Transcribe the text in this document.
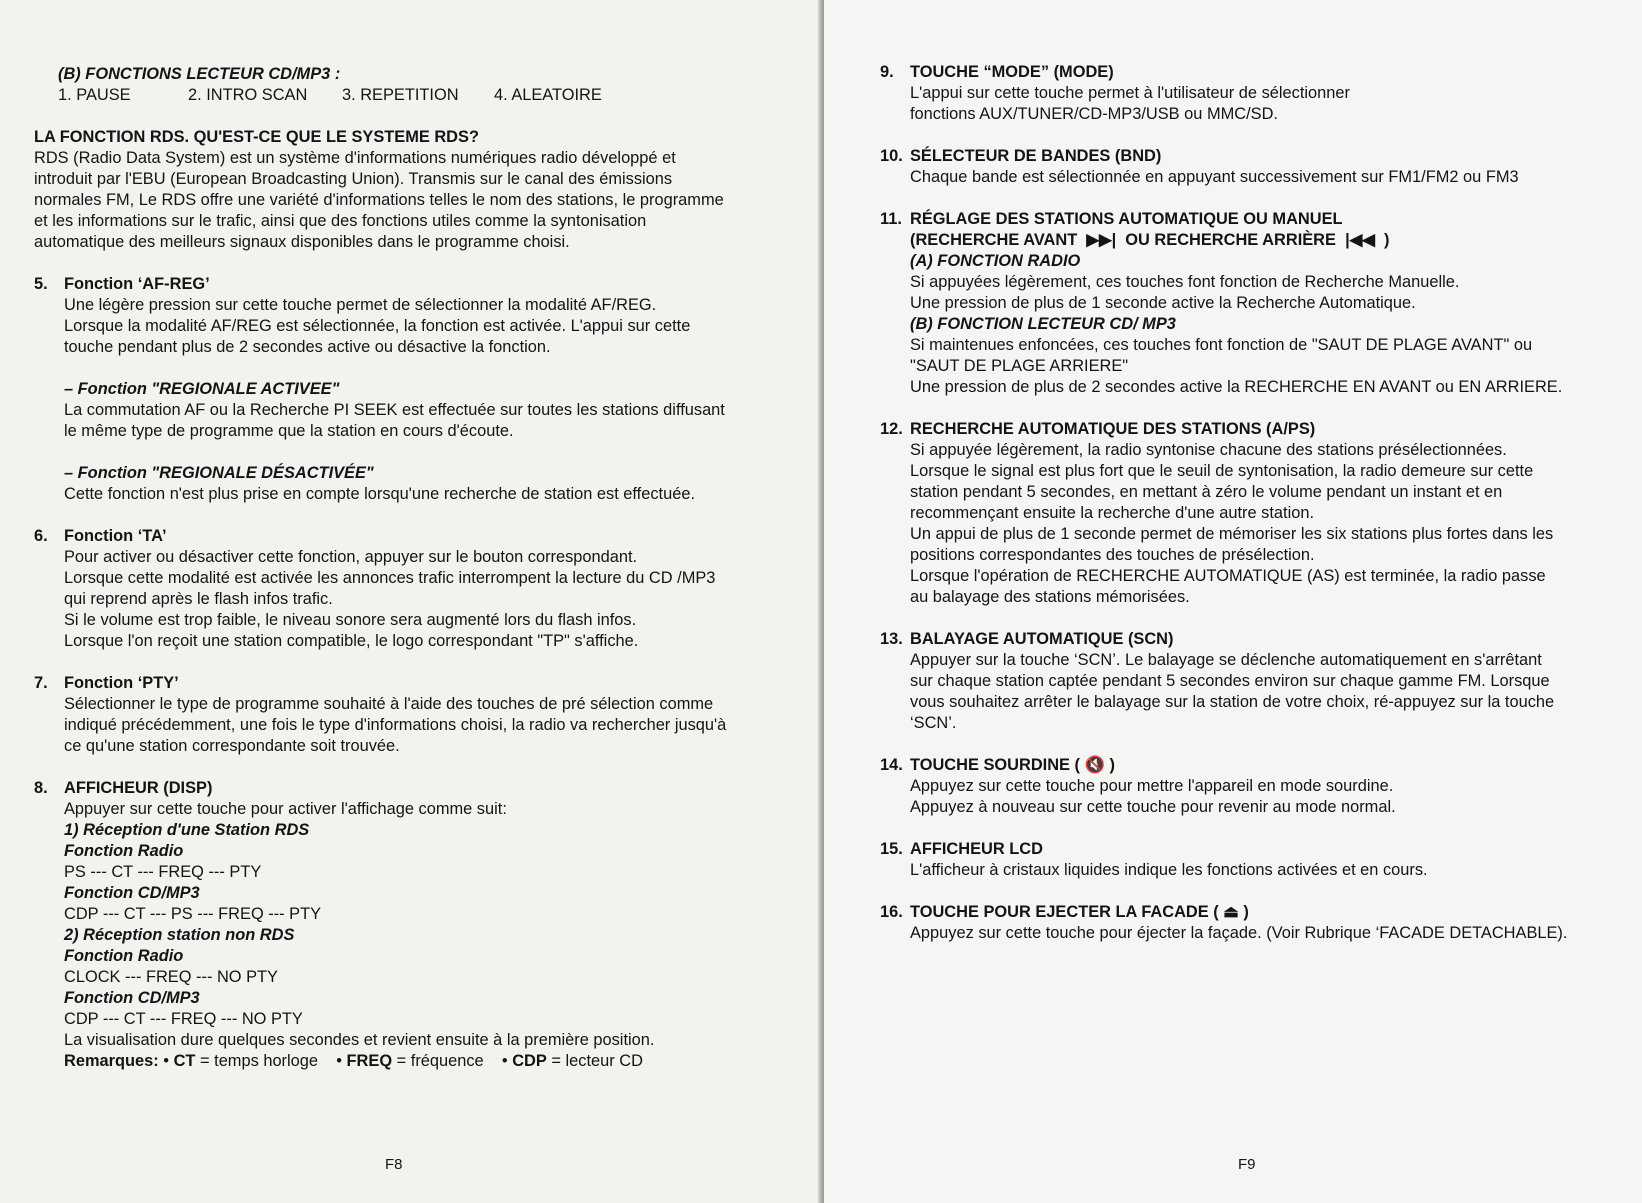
(B) FONCTIONS LECTEUR CD/MP3 :

1. PAUSE	2. INTRO SCAN 3. REPETITION 4. ALEATOIRE

LA FONCTION RDS. QU'EST-CE QUE LE SYSTEME RDS?

RDS (Radio Data System) est un système d'informations numériques radio développé et

introduit par l'EBU (European Broadcasting Union). Transmis sur le canal des émissions

normales FM, Le RDS offre une variété d'informations telles le nom des stations, le programme

et les informations sur le trafic, ainsi que des fonctions utiles comme la syntonisation

automatique des meilleurs signaux disponibles dans le programme choisi.

5. Fonction ‘AF-REG’

Une légère pression sur cette touche permet de sélectionner la modalité AF/REG.

Lorsque la modalité AF/REG est sélectionnée, la fonction est activée. L'appui sur cette

touche pendant plus de 2 secondes active ou désactive la fonction.

– Fonction "REGIONALE ACTIVEE"

La commutation AF ou la Recherche PI SEEK est effectuée sur toutes les stations diffusant

le même type de programme que la station en cours d'écoute.

– Fonction "REGIONALE DÉSACTIVÉE"

Cette fonction n'est plus prise en compte lorsqu'une recherche de station est effectuée.

6. Fonction ‘TA’

Pour activer ou désactiver cette fonction, appuyer sur le bouton correspondant.

Lorsque cette modalité est activée les annonces trafic interrompent la lecture du CD /MP3

qui reprend après le flash infos trafic.

Si le volume est trop faible, le niveau sonore sera augmenté lors du flash infos.

Lorsque l'on reçoit une station compatible, le logo correspondant "TP" s'affiche.

7. Fonction ‘PTY’

Sélectionner le type de programme souhaité à l'aide des touches de pré sélection comme

indiqué précédemment, une fois le type d'informations choisi, la radio va rechercher jusqu'à

ce qu'une station correspondante soit trouvée.

8. AFFICHEUR (DISP)

Appuyer sur cette touche pour activer l'affichage comme suit:

1) Réception d'une Station RDS

Fonction Radio

PS --- CT --- FREQ --- PTY

Fonction CD/MP3

CDP --- CT --- PS --- FREQ --- PTY

2) Réception station non RDS

Fonction Radio

CLOCK --- FREQ --- NO PTY

Fonction CD/MP3

CDP --- CT --- FREQ --- NO PTY

La visualisation dure quelques secondes et revient ensuite à la première position.

Remarques: • CT = temps horloge    • FREQ = fréquence    • CDP = lecteur CD

F8

9. TOUCHE “MODE” (MODE)

L'appui sur cette touche permet à l'utilisateur de sélectionner

fonctions AUX/TUNER/CD-MP3/USB ou MMC/SD.

10. SÉLECTEUR DE BANDES (BND)

Chaque bande est sélectionnée en appuyant successivement sur FM1/FM2 ou FM3

11. RÉGLAGE DES STATIONS AUTOMATIQUE OU MANUEL

(RECHERCHE AVANT  ▶▶|  OU RECHERCHE ARRIÈRE  |◀◀  )

(A) FONCTION RADIO

Si appuyées légèrement, ces touches font fonction de Recherche Manuelle.

Une pression de plus de 1 seconde active la Recherche Automatique.

(B) FONCTION LECTEUR CD/ MP3

Si maintenues enfoncées, ces touches font fonction de "SAUT DE PLAGE AVANT" ou

"SAUT DE PLAGE ARRIERE"

Une pression de plus de 2 secondes active la RECHERCHE EN AVANT ou EN ARRIERE.

12. RECHERCHE AUTOMATIQUE DES STATIONS (A/PS)

Si appuyée légèrement, la radio syntonise chacune des stations présélectionnées.

Lorsque le signal est plus fort que le seuil de syntonisation, la radio demeure sur cette

station pendant 5 secondes, en mettant à zéro le volume pendant un instant et en

recommençant ensuite la recherche d'une autre station.

Un appui de plus de 1 seconde permet de mémoriser les six stations plus fortes dans les

positions correspondantes des touches de présélection.

Lorsque l'opération de RECHERCHE AUTOMATIQUE (AS) est terminée, la radio passe

au balayage des stations mémorisées.

13. BALAYAGE AUTOMATIQUE (SCN)

Appuyer sur la touche ‘SCN’. Le balayage se déclenche automatiquement en s'arrêtant

sur chaque station captée pendant 5 secondes environ sur chaque gamme FM. Lorsque

vous souhaitez arrêter le balayage sur la station de votre choix, ré-appuyez sur la touche

‘SCN’.

14. TOUCHE SOURDINE ( 🔇 )

Appuyez sur cette touche pour mettre l'appareil en mode sourdine.

Appuyez à nouveau sur cette touche pour revenir au mode normal.

15. AFFICHEUR LCD

L'afficheur à cristaux liquides indique les fonctions activées et en cours.

16. TOUCHE POUR EJECTER LA FACADE ( ⏏ )

Appuyez sur cette touche pour éjecter la façade. (Voir Rubrique ‘FACADE DETACHABLE).

F9
